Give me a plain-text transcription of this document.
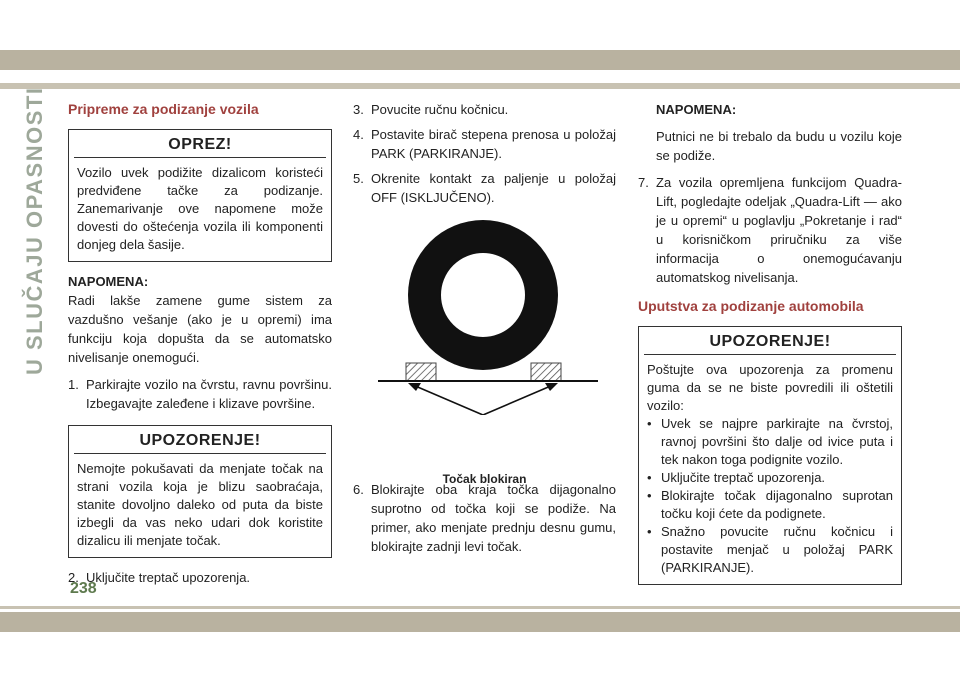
U SLUČAJU OPASNOSTI Pripreme za podizanje vozila
OPREZ!
Vozilo uvek podižite dizalicom koristeći predviđene tačke za podizanje. Zanemarivanje ove napomene može dovesti do oštećenja vozila ili komponenti donjeg dela šasije.

NAPOMENA:

Radi lakše zamene gume sistem za vazdušno vešanje (ako je u opremi) ima funkciju koja dopušta da se automatsko nivelisanje onemogući.

1. Parkirajte vozilo na čvrstu, ravnu površinu. Izbegavajte zaleđene i klizave površine.
UPOZORENJE!
Nemojte pokušavati da menjate točak na strani vozila koja je blizu saobraćaja, stanite dovoljno daleko od puta da biste izbegli da vas neko udari dok koristite dizalicu ili menjate točak.
2. Uključite treptač upozorenja.
3. Povucite ručnu kočnicu.
4. Postavite birač stepena prenosa u položaj PARK (PARKIRANJE).
5. Okrenite kontakt za paljenje u položaj OFF (ISKLJUČENO).
Točak blokiran
6. Blokirajte oba kraja točka dijagonalno suprotno od točka koji se podiže. Na primer, ako menjate prednju desnu gumu, blokirajte zadnji levi točak.

NAPOMENA:

Putnici ne bi trebalo da budu u vozilu koje se podiže.

7. Za vozila opremljena funkcijom Quadra-Lift, pogledajte odeljak „Quadra-Lift — ako je u opremi“ u poglavlju „Pokretanje i rad“ u korisničkom priručniku za više informacija o onemogućavanju automatskog nivelisanja.
Uputstva za podizanje automobila
UPOZORENJE!
Poštujte ova upozorenja za promenu guma da se ne biste povredili ili oštetili vozilo:
• Uvek se najpre parkirajte na čvrstoj, ravnoj površini što dalje od ivice puta i tek nakon toga podignite vozilo.
• Uključite treptač upozorenja.
• Blokirajte točak dijagonalno suprotan točku koji ćete da podignete.
• Snažno povucite ručnu kočnicu i postavite menjač u položaj PARK (PARKIRANJE).
238
